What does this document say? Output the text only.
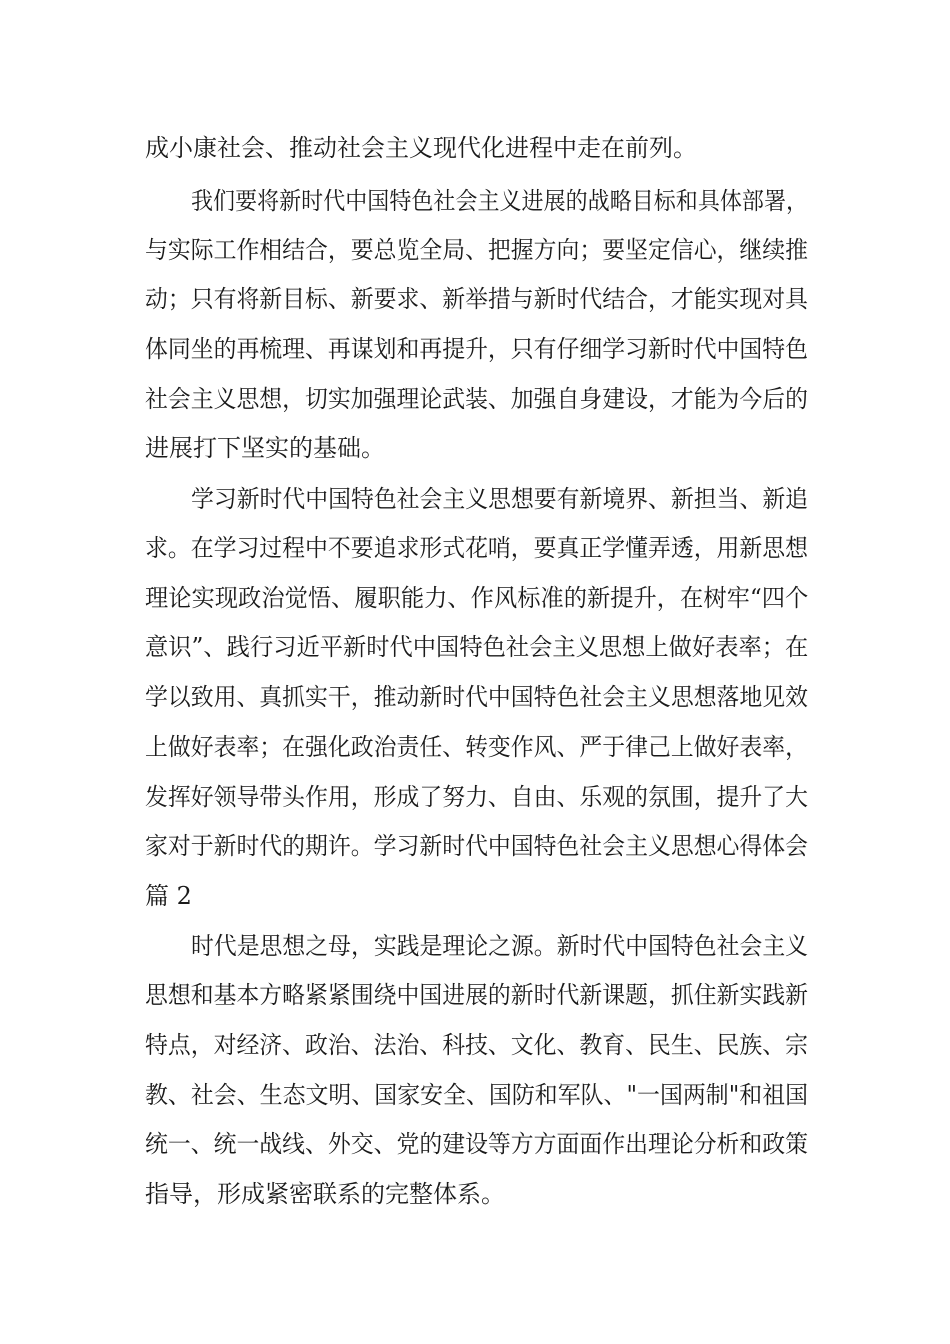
成小康社会、推动社会主义现代化进程中走在前列。
我们要将新时代中国特色社会主义进展的战略目标和具体部署，
与实际工作相结合，要总览全局、把握方向；要坚定信心，继续推
动；只有将新目标、新要求、新举措与新时代结合，才能实现对具
体同坐的再梳理、再谋划和再提升，只有仔细学习新时代中国特色
社会主义思想，切实加强理论武装、加强自身建设，才能为今后的
进展打下坚实的基础。
学习新时代中国特色社会主义思想要有新境界、新担当、新追
求。在学习过程中不要追求形式花哨，要真正学懂弄透，用新思想
理论实现政治觉悟、履职能力、作风标准的新提升，在树牢“四个
意识”、践行习近平新时代中国特色社会主义思想上做好表率；在
学以致用、真抓实干，推动新时代中国特色社会主义思想落地见效
上做好表率；在强化政治责任、转变作风、严于律己上做好表率，
发挥好领导带头作用，形成了努力、自由、乐观的氛围，提升了大
家对于新时代的期许。学习新时代中国特色社会主义思想心得体会
篇 2
时代是思想之母，实践是理论之源。新时代中国特色社会主义
思想和基本方略紧紧围绕中国进展的新时代新课题，抓住新实践新
特点，对经济、政治、法治、科技、文化、教育、民生、民族、宗
教、社会、生态文明、国家安全、国防和军队、"一国两制"和祖国
统一、统一战线、外交、党的建设等方方面面作出理论分析和政策
指导，形成紧密联系的完整体系。
